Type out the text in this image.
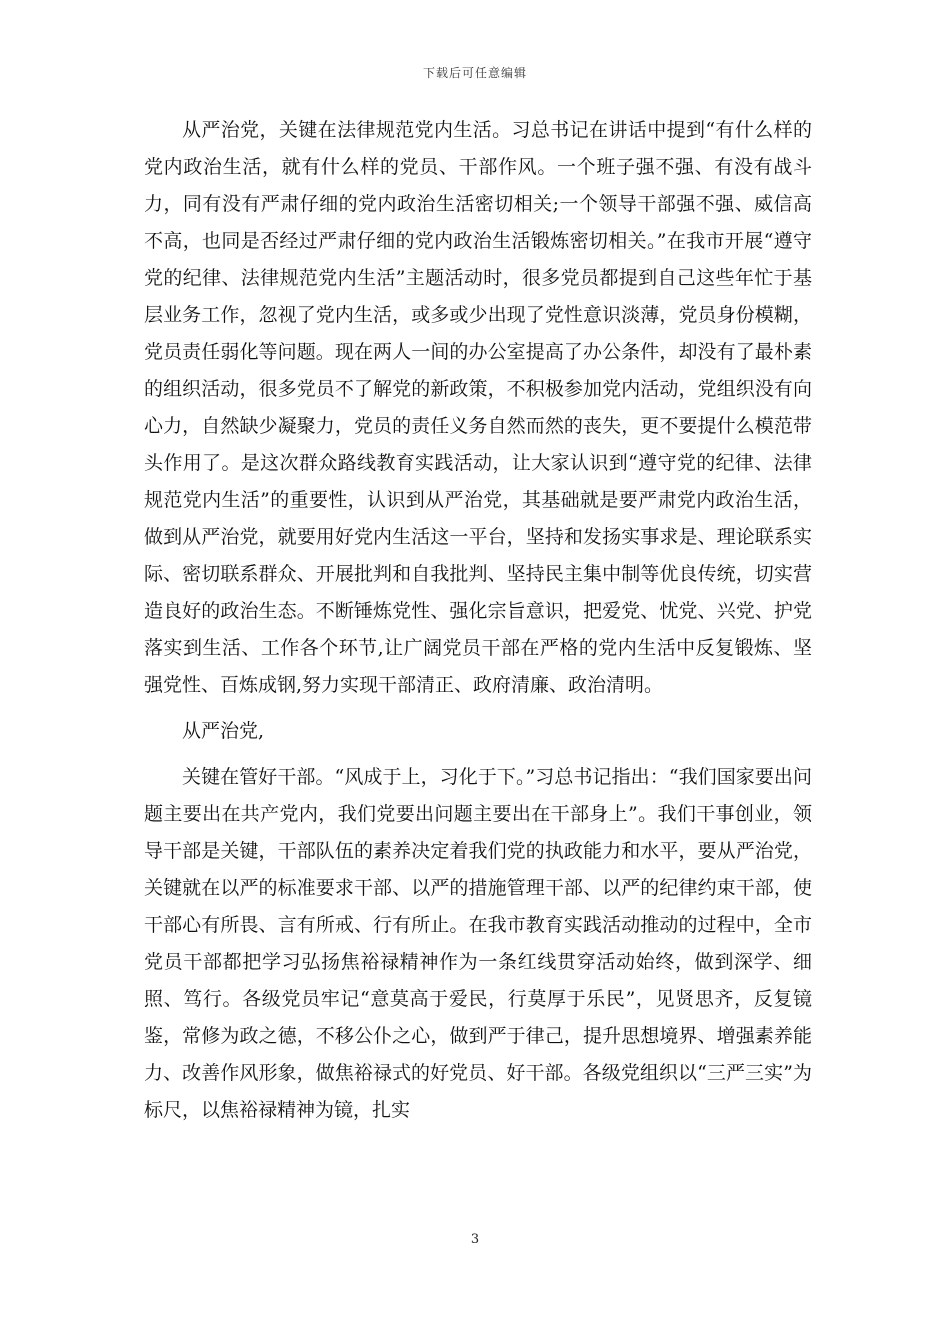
下载后可任意编辑

从严治党，关键在法律规范党内生活。习总书记在讲话中提到“有什么样的党内政治生活，就有什么样的党员、干部作风。一个班子强不强、有没有战斗力，同有没有严肃仔细的党内政治生活密切相关;一个领导干部强不强、威信高不高，也同是否经过严肃仔细的党内政治生活锻炼密切相关。”在我市开展“遵守党的纪律、法律规范党内生活”主题活动时，很多党员都提到自己这些年忙于基层业务工作，忽视了党内生活，或多或少出现了党性意识淡薄，党员身份模糊，党员责任弱化等问题。现在两人一间的办公室提高了办公条件，却没有了最朴素的组织活动，很多党员不了解党的新政策，不积极参加党内活动，党组织没有向心力，自然缺少凝聚力，党员的责任义务自然而然的丧失，更不要提什么模范带头作用了。是这次群众路线教育实践活动，让大家认识到“遵守党的纪律、法律规范党内生活”的重要性，认识到从严治党，其基础就是要严肃党内政治生活，做到从严治党，就要用好党内生活这一平台，坚持和发扬实事求是、理论联系实际、密切联系群众、开展批判和自我批判、坚持民主集中制等优良传统，切实营造良好的政治生态。不断锤炼党性、强化宗旨意识，把爱党、忧党、兴党、护党落实到生活、工作各个环节,让广阔党员干部在严格的党内生活中反复锻炼、坚强党性、百炼成钢,努力实现干部清正、政府清廉、政治清明。

从严治党,

关键在管好干部。“风成于上，习化于下。”习总书记指出：“我们国家要出问题主要出在共产党内，我们党要出问题主要出在干部身上”。我们干事创业，领导干部是关键，干部队伍的素养决定着我们党的执政能力和水平，要从严治党，关键就在以严的标准要求干部、以严的措施管理干部、以严的纪律约束干部，使干部心有所畏、言有所戒、行有所止。在我市教育实践活动推动的过程中，全市党员干部都把学习弘扬焦裕禄精神作为一条红线贯穿活动始终，做到深学、细照、笃行。各级党员牢记“意莫高于爱民，行莫厚于乐民”，见贤思齐，反复镜鉴，常修为政之德，不移公仆之心，做到严于律己，提升思想境界、增强素养能力、改善作风形象，做焦裕禄式的好党员、好干部。各级党组织以“三严三实”为标尺，以焦裕禄精神为镜，扎实

3
